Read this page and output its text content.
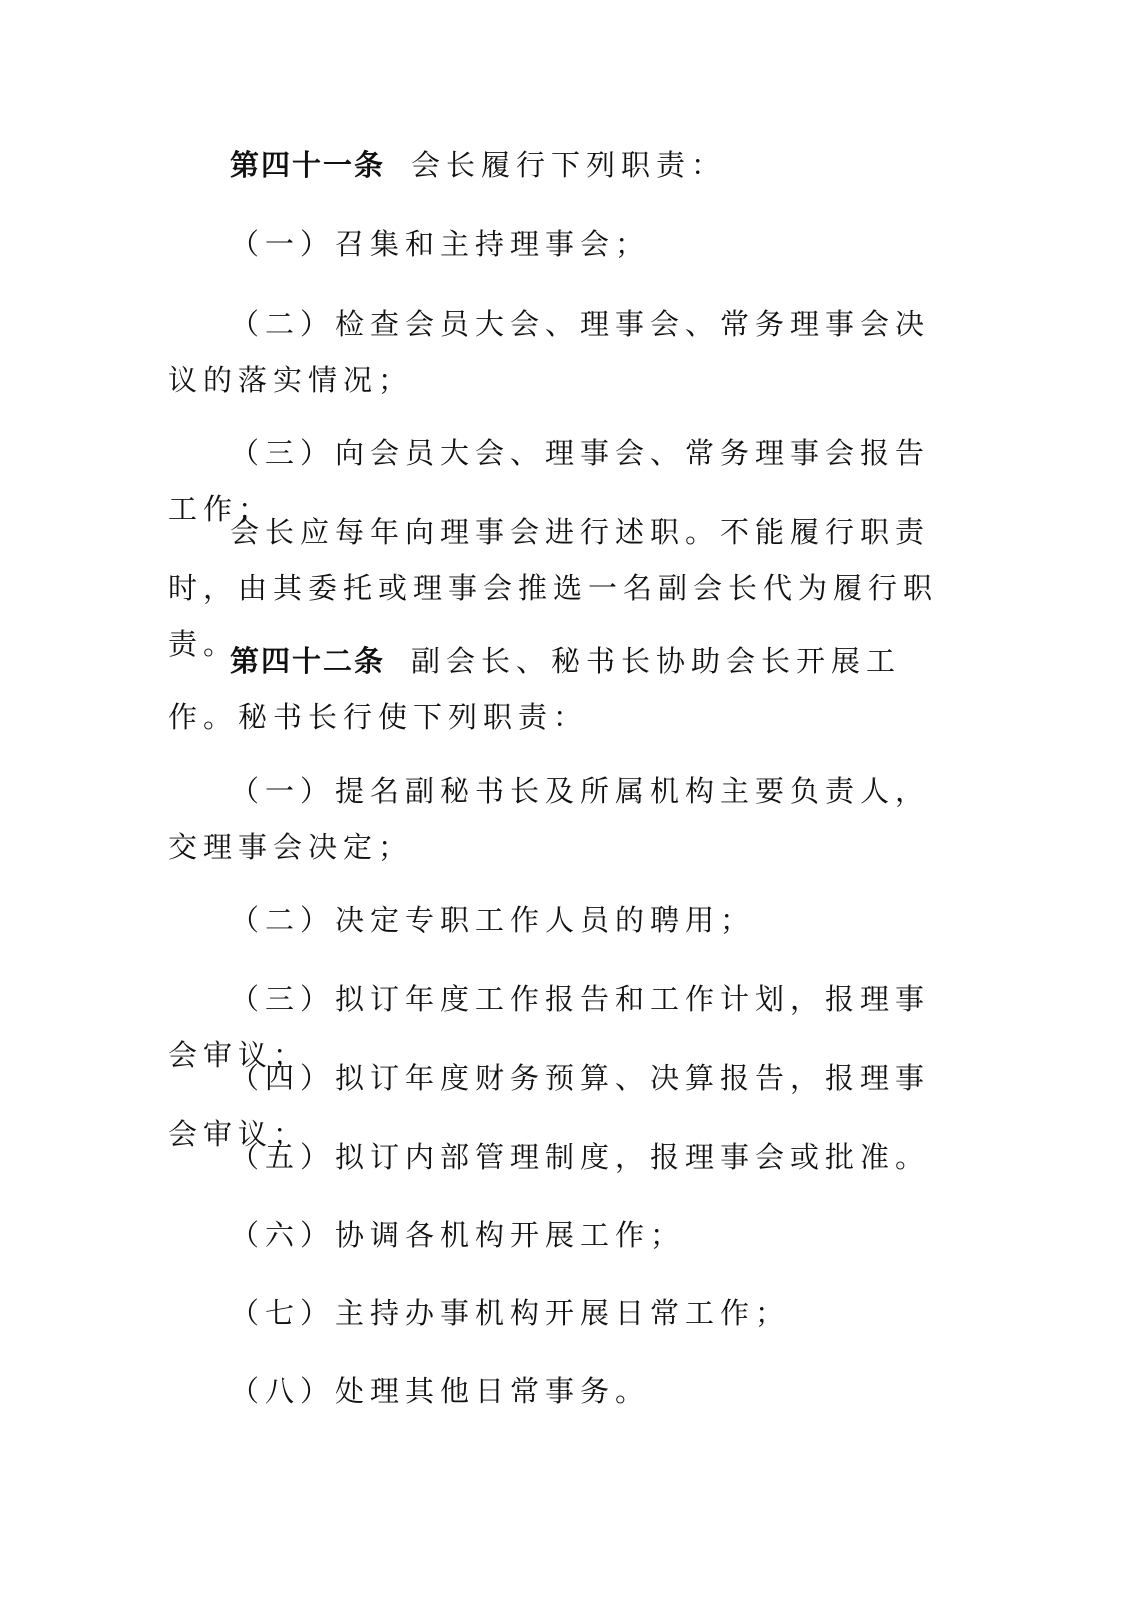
第四十一条 会长履行下列职责：

（一）召集和主持理事会；

（二）检查会员大会、理事会、常务理事会决议的落实情况；

（三）向会员大会、理事会、常务理事会报告工作；

会长应每年向理事会进行述职。不能履行职责时，由其委托或理事会推选一名副会长代为履行职责。

第四十二条 副会长、秘书长协助会长开展工作。秘书长行使下列职责：

（一）提名副秘书长及所属机构主要负责人，交理事会决定；

（二）决定专职工作人员的聘用；

（三）拟订年度工作报告和工作计划，报理事会审议；

（四）拟订年度财务预算、决算报告，报理事会审议；

（五）拟订内部管理制度，报理事会或批准。

（六）协调各机构开展工作；

（七）主持办事机构开展日常工作；

（八）处理其他日常事务。
